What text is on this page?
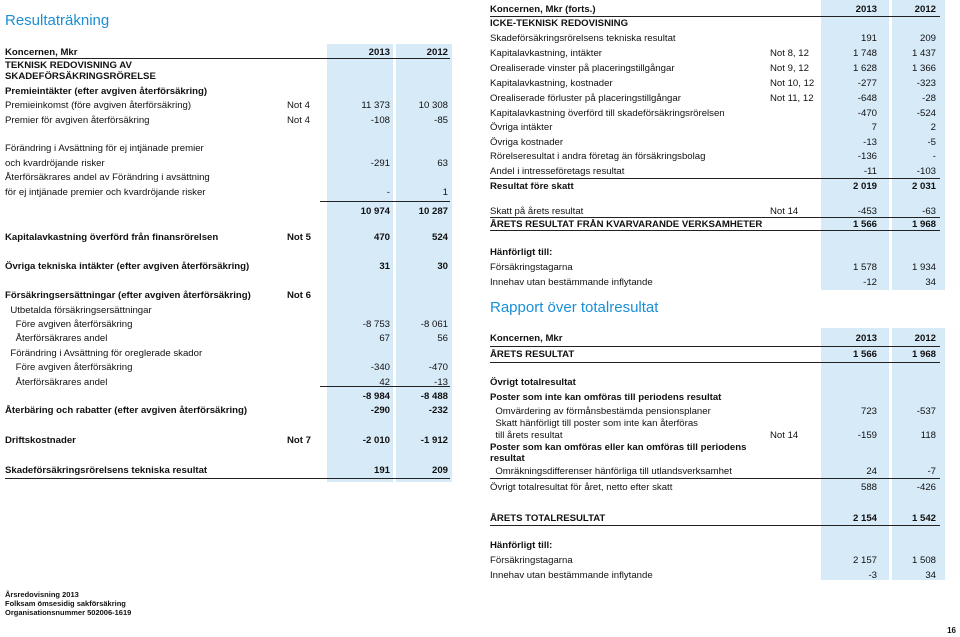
Koncernen, Mkr	2013	2012
TEKNISK REDOVISNING AV
SKADEFÖRSÄKRINGSRÖRELSE
Premieintäkter (efter avgiven återförsäkring)
Premieinkomst (före avgiven återförsäkring)	Not 4	11 373	10 308
Premier för avgiven återförsäkring	Not 4	-108	-85
Förändring i Avsättning för ej intjänade premier
och kvardröjande risker	-291	63
Återförsäkrares andel av Förändring i avsättning
för ej intjänade premier och kvardröjande risker	-	1
10 974	10 287
Kapitalavkastning överförd från finansrörelsen	Not 5	470	524
Övriga tekniska intäkter (efter avgiven återförsäkring)	31	30
Försäkringsersättningar (efter avgiven återförsäkring)	Not 6
Utbetalda försäkringsersättningar
Före avgiven återförsäkring	-8 753	-8 061
Återförsäkrares andel	67	56
Förändring i Avsättning för oreglerade skador
Före avgiven återförsäkring	-340	-470
Återförsäkrares andel	42	-13
-8 984	-8 488
Återbäring och rabatter (efter avgiven återförsäkring)	-290	-232
Driftskostnader	Not 7	-2 010	-1 912
Skadeförsäkringsrörelsens tekniska resultat	191	209
Resultaträkning
Koncernen, Mkr (forts.)	2013	2012
ICKE-TEKNISK REDOVISNING
Skadeförsäkringsrörelsens tekniska resultat	191	209
Kapitalavkastning, intäkter	Not 8, 12	1 748	1 437
Orealiserade vinster på placeringstillgångar	Not 9, 12	1 628	1 366
Kapitalavkastning, kostnader	Not 10, 12	-277	-323
Orealiserade förluster på placeringstillgångar	Not 11, 12	-648	-28
Kapitalavkastning överförd till skadeförsäkringsrörelsen	-470	-524
Övriga intäkter	7	2
Övriga kostnader	-13	-5
Rörelseresultat i andra företag än försäkringsbolag	-136	-
Andel i intresseföretags resultat	-11	-103
Resultat före skatt	2 019	2 031
Skatt på årets resultat	Not 14	-453	-63
ÅRETS RESULTAT FRÅN KVARVARANDE VERKSAMHETER	1 566	1 968
Hänförligt till:
Försäkringstagarna	1 578	1 934
Innehav utan bestämmande inflytande	-12	34
Koncernen, Mkr	2013	2012
ÅRETS RESULTAT	1 566	1 968
Övrigt totalresultat
Poster som inte kan omföras till periodens resultat
Omvärdering av förmånsbestämda pensionsplaner	723	-537
Skatt hänförligt till poster som inte kan återföras
till årets resultat	Not 14	-159	118
Poster som kan omföras eller kan omföras till periodens
resultat
Omräkningsdifferenser hänförliga till utlandsverksamhet	24	-7
Övrigt totalresultat för året, netto efter skatt	588	-426
ÅRETS TOTALRESULTAT	2 154	1 542
Hänförligt till:
Försäkringstagarna	2 157	1 508
Innehav utan bestämmande inflytande	-3	34
Rapport över totalresultat
Årsredovisning 2013
Folksam ömsesidig sakförsäkring
Organisationsnummer 502006-1619
16
